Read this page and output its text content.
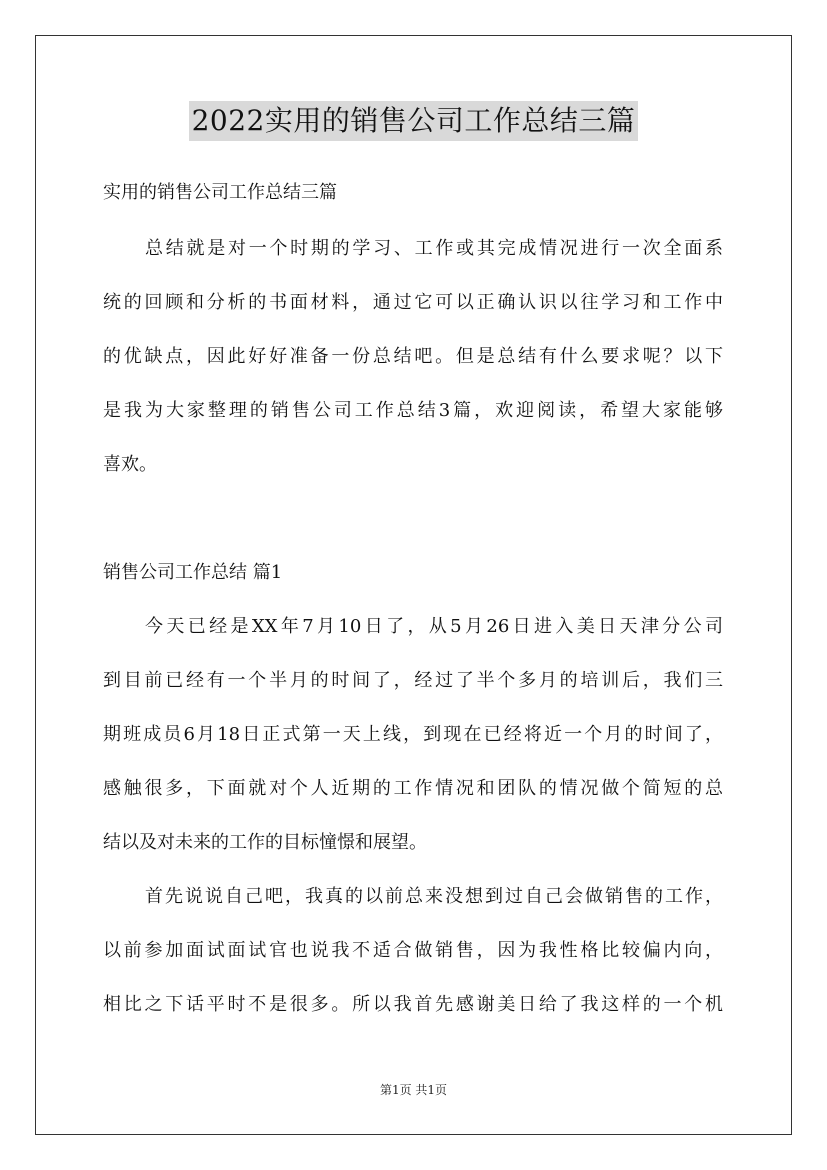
2022实用的销售公司工作总结三篇
实用的销售公司工作总结三篇
总结就是对一个时期的学习、工作或其完成情况进行一次全面系
统的回顾和分析的书面材料，通过它可以正确认识以往学习和工作中
的优缺点，因此好好准备一份总结吧。但是总结有什么要求呢？以下
是我为大家整理的销售公司工作总结3篇，欢迎阅读，希望大家能够
喜欢。
销售公司工作总结 篇1
今天已经是XX年7月10日了，从5月26日进入美日天津分公司
到目前已经有一个半月的时间了，经过了半个多月的培训后，我们三
期班成员6月18日正式第一天上线，到现在已经将近一个月的时间了，
感触很多，下面就对个人近期的工作情况和团队的情况做个简短的总
结以及对未来的工作的目标憧憬和展望。
首先说说自己吧，我真的以前总来没想到过自己会做销售的工作，
以前参加面试面试官也说我不适合做销售，因为我性格比较偏内向，
相比之下话平时不是很多。所以我首先感谢美日给了我这样的一个机
第1页 共1页
